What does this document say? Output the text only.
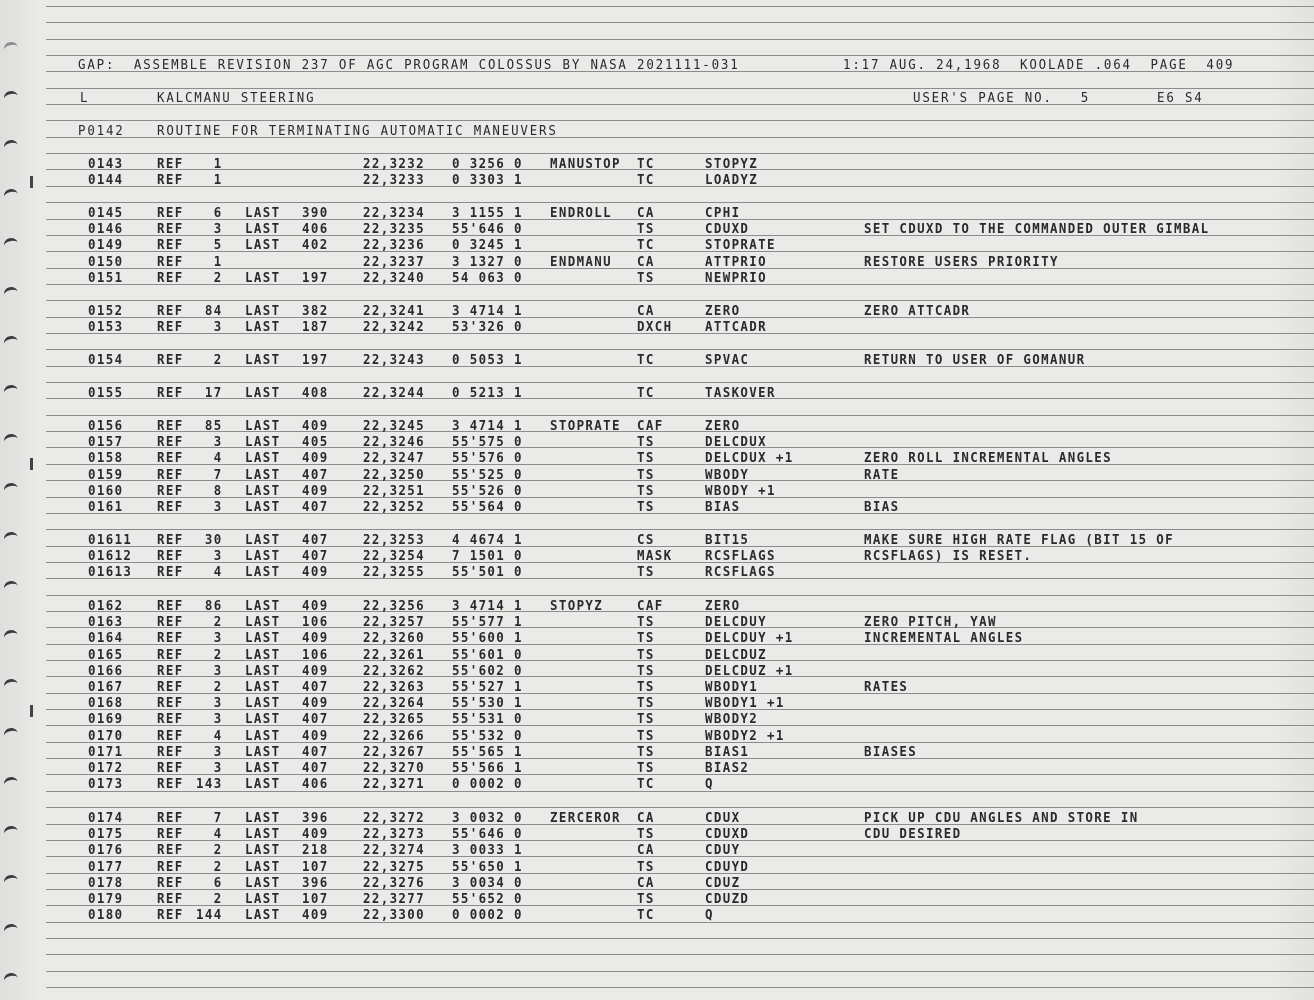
GAP:  ASSEMBLE REVISION 237 OF AGC PROGRAM COLOSSUS BY NASA 2021111-031	1:17 AUG. 24,1968  KOOLADE .064  PAGE  409
L	KALCMANU STEERING	USER'S PAGE NO.   5	E6 S4
P0142 ROUTINE FOR TERMINATING AUTOMATIC MANEUVERS
0143 REF	1	22,3232 0 3256 0 MANUSTOP TC	STOPYZ
0144 REF	1	22,3233 0 3303 1	TC	LOADYZ
0145 REF	6 LAST 390	22,3234 3 1155 1 ENDROLL CA	CPHI
0146 REF	3 LAST 406	22,3235 55'646 0	TS	CDUXD	SET CDUXD TO THE COMMANDED OUTER GIMBAL
0149 REF	5 LAST 402	22,3236 0 3245 1	TC	STOPRATE
0150 REF	1	22,3237 3 1327 0 ENDMANU CA	ATTPRIO	RESTORE USERS PRIORITY
0151 REF	2 LAST 197	22,3240 54 063 0	TS	NEWPRIO
0152 REF	84 LAST 382	22,3241 3 4714 1	CA	ZERO	ZERO ATTCADR
0153 REF	3 LAST 187	22,3242 53'326 0	DXCH ATTCADR
0154 REF	2 LAST 197	22,3243 0 5053 1	TC	SPVAC	RETURN TO USER OF GOMANUR
0155 REF	17 LAST 408	22,3244 0 5213 1	TC	TASKOVER
0156 REF	85 LAST 409	22,3245 3 4714 1 STOPRATE CAF	ZERO
0157 REF	3 LAST 405	22,3246 55'575 0	TS	DELCDUX
0158 REF	4 LAST 409	22,3247 55'576 0	TS	DELCDUX +1	ZERO ROLL INCREMENTAL ANGLES
0159 REF	7 LAST 407	22,3250 55'525 0	TS	WBODY	RATE
0160 REF	8 LAST 409	22,3251 55'526 0	TS	WBODY +1
0161 REF	3 LAST 407	22,3252 55'564 0	TS	BIAS	BIAS
01611 REF	30 LAST 407	22,3253 4 4674 1	CS	BIT15	MAKE SURE HIGH RATE FLAG (BIT 15 OF
01612 REF	3 LAST 407	22,3254 7 1501 0	MASK RCSFLAGS	RCSFLAGS) IS RESET.
01613 REF	4 LAST 409	22,3255 55'501 0	TS	RCSFLAGS
0162 REF	86 LAST 409	22,3256 3 4714 1 STOPYZ	CAF	ZERO
0163 REF	2 LAST 106	22,3257 55'577 1	TS	DELCDUY	ZERO PITCH, YAW
0164 REF	3 LAST 409	22,3260 55'600 1	TS	DELCDUY +1	INCREMENTAL ANGLES
0165 REF	2 LAST 106	22,3261 55'601 0	TS	DELCDUZ
0166 REF	3 LAST 409	22,3262 55'602 0	TS	DELCDUZ +1
0167 REF	2 LAST 407	22,3263 55'527 1	TS	WBODY1	RATES
0168 REF	3 LAST 409	22,3264 55'530 1	TS	WBODY1 +1
0169 REF	3 LAST 407	22,3265 55'531 0	TS	WBODY2
0170 REF	4 LAST 409	22,3266 55'532 0	TS	WBODY2 +1
0171 REF	3 LAST 407	22,3267 55'565 1	TS	BIAS1	BIASES
0172 REF	3 LAST 407	22,3270 55'566 1	TS	BIAS2
0173 REF 143 LAST 406	22,3271 0 0002 0	TC	Q
0174 REF	7 LAST 396	22,3272 3 0032 0 ZERCEROR CA	CDUX	PICK UP CDU ANGLES AND STORE IN
0175 REF	4 LAST 409	22,3273 55'646 0	TS	CDUXD	CDU DESIRED
0176 REF	2 LAST 218	22,3274 3 0033 1	CA	CDUY
0177 REF	2 LAST 107	22,3275 55'650 1	TS	CDUYD
0178 REF	6 LAST 396	22,3276 3 0034 0	CA	CDUZ
0179 REF	2 LAST 107	22,3277 55'652 0	TS	CDUZD
0180 REF 144 LAST 409	22,3300 0 0002 0	TC	Q
